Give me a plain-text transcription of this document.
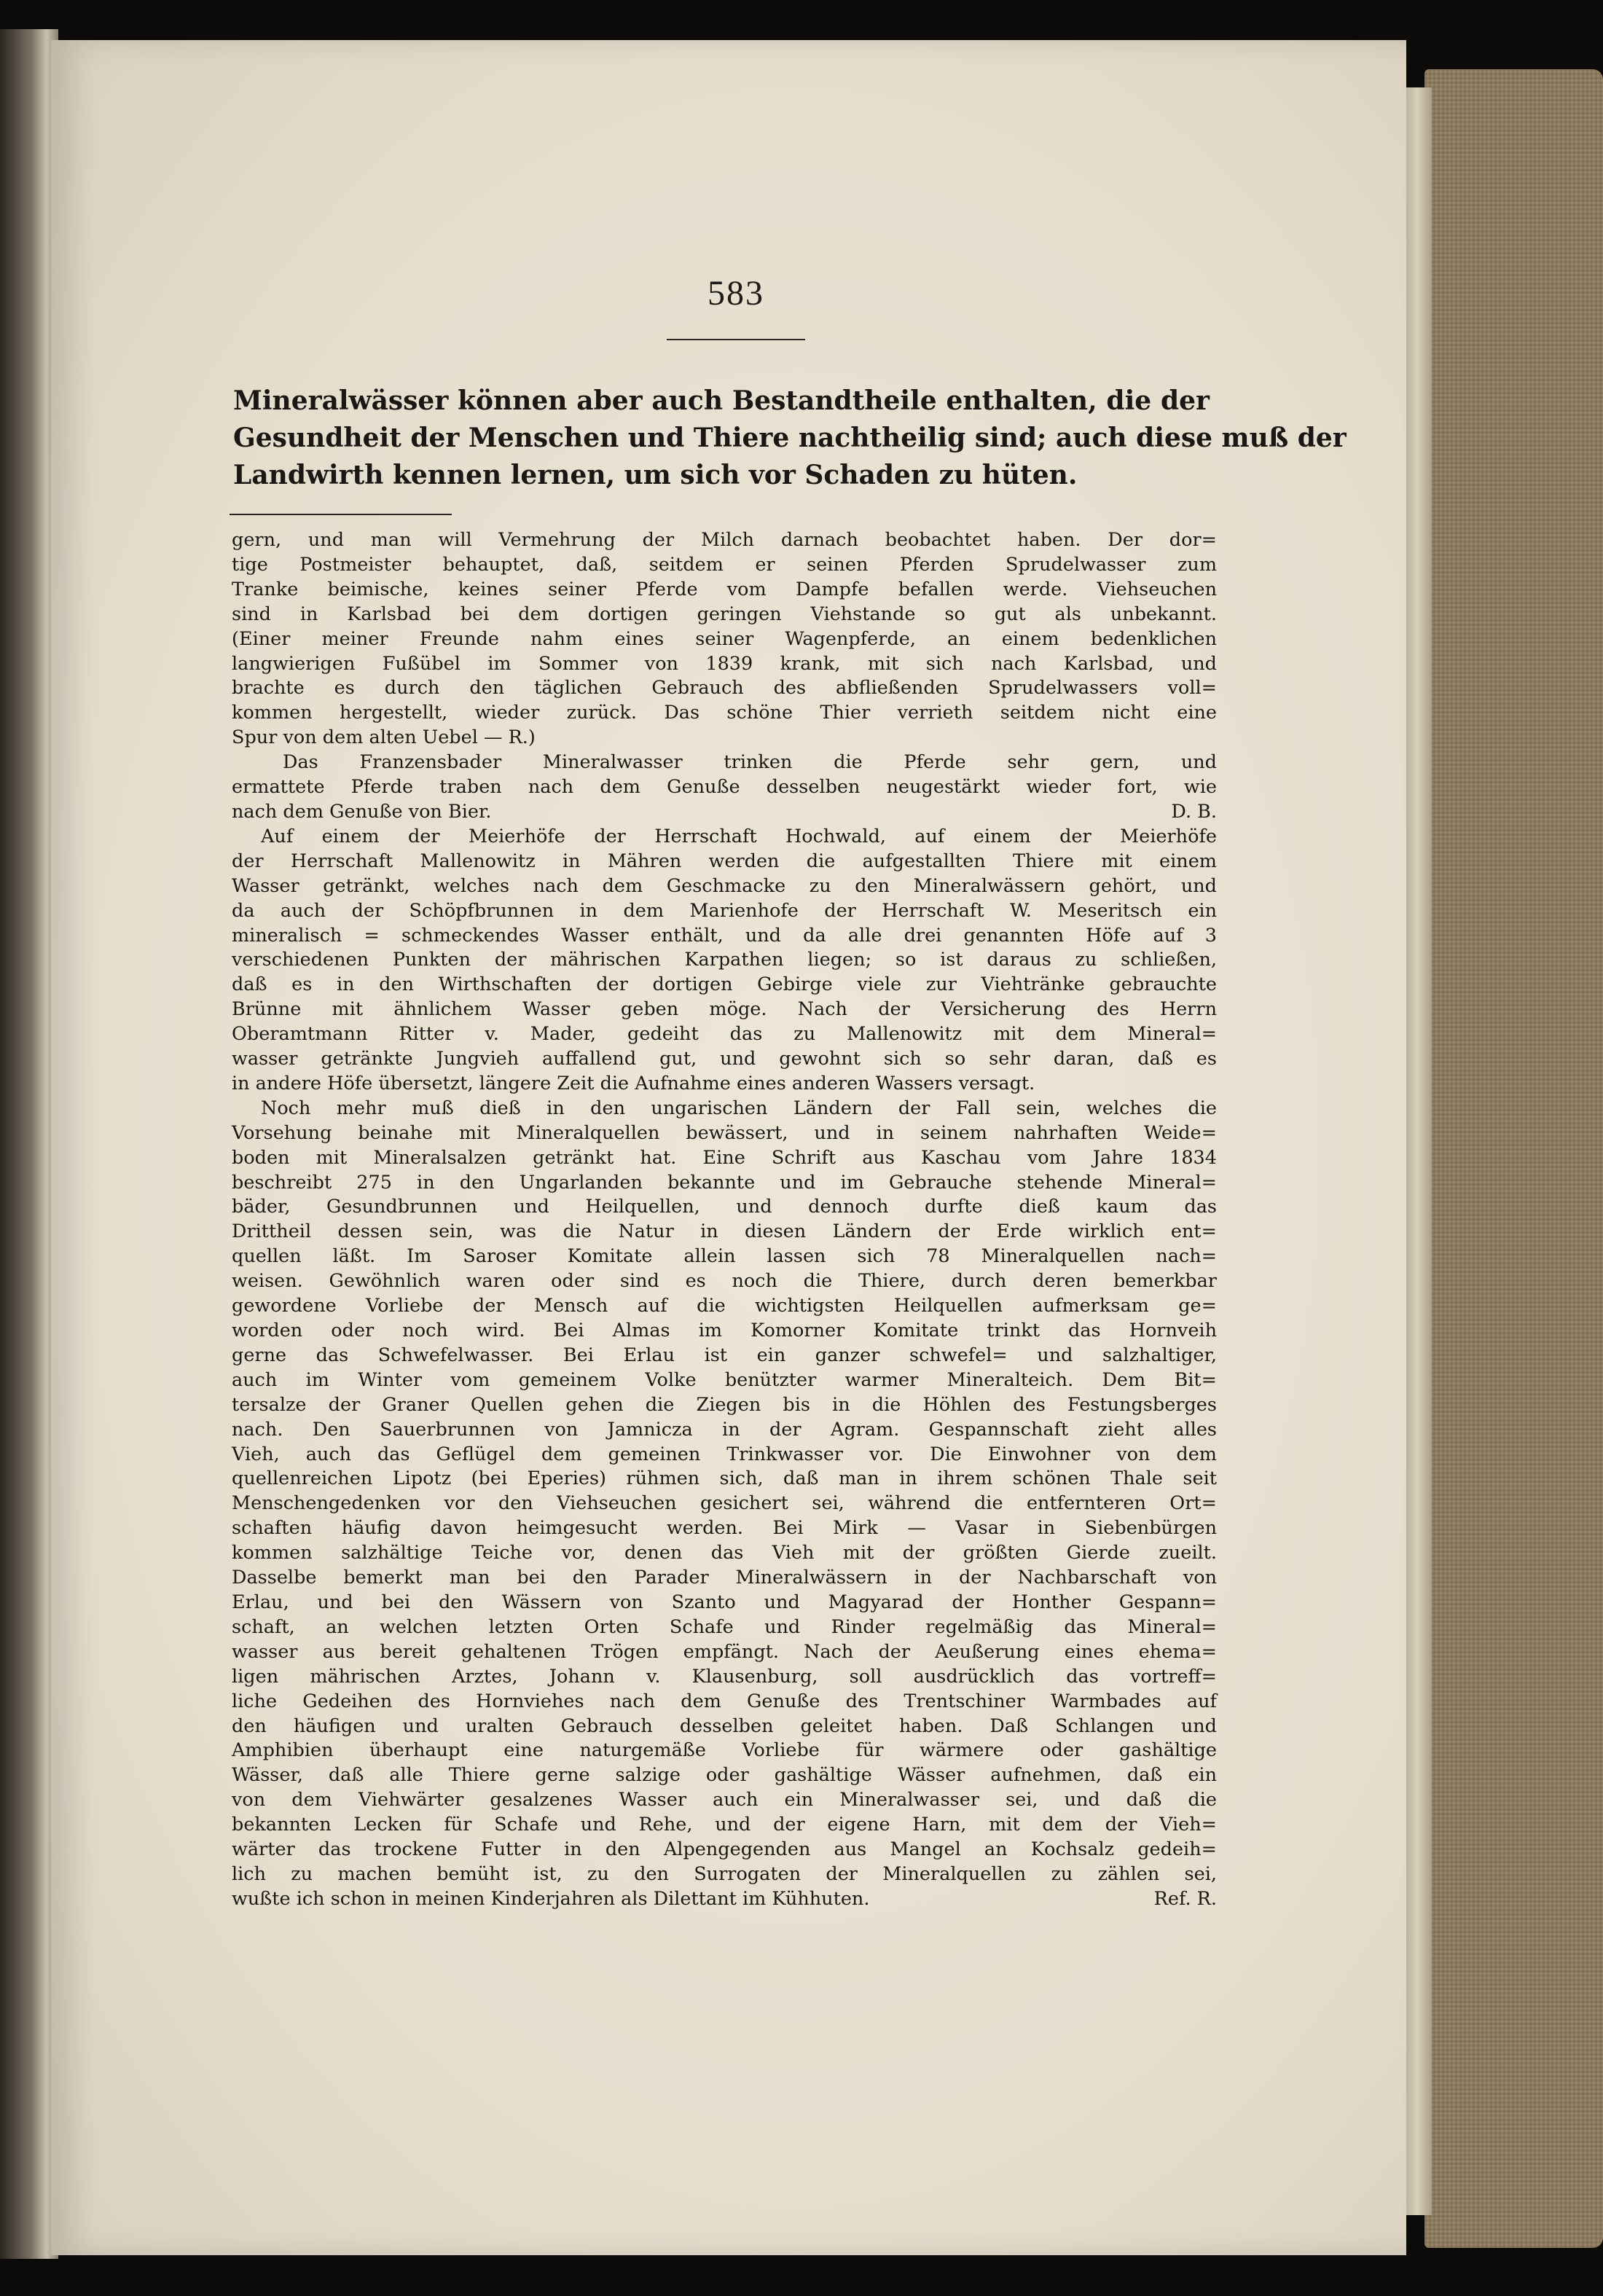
583
Mineralwässer können aber auch Bestandtheile enthalten, die der
Gesundheit der Menschen und Thiere nachtheilig sind; auch diese muß der
Landwirth kennen lernen, um sich vor Schaden zu hüten.

gern, und man will Vermehrung der Milch darnach beobachtet haben. Der dor=
tige Postmeister behauptet, daß, seitdem er seinen Pferden Sprudelwasser zum
Tranke beimische, keines seiner Pferde vom Dampfe befallen werde. Viehseuchen
sind in Karlsbad bei dem dortigen geringen Viehstande so gut als unbekannt.
(Einer meiner Freunde nahm eines seiner Wagenpferde, an einem bedenklichen
langwierigen Fußübel im Sommer von 1839 krank, mit sich nach Karlsbad, und
brachte es durch den täglichen Gebrauch des abfließenden Sprudelwassers voll=
kommen hergestellt, wieder zurück. Das schöne Thier verrieth seitdem nicht eine
Spur von dem alten Uebel — R.)

Das Franzensbader Mineralwasser trinken die Pferde sehr gern, und
ermattete Pferde traben nach dem Genuße desselben neugestärkt wieder fort, wie
nach dem Genuße von Bier.	D. B.

Auf einem der Meierhöfe der Herrschaft Hochwald, auf einem der Meierhöfe
der Herrschaft Mallenowitz in Mähren werden die aufgestallten Thiere mit einem
Wasser getränkt, welches nach dem Geschmacke zu den Mineralwässern gehört, und
da auch der Schöpfbrunnen in dem Marienhofe der Herrschaft W. Meseritsch ein
mineralisch = schmeckendes Wasser enthält, und da alle drei genannten Höfe auf 3
verschiedenen Punkten der mährischen Karpathen liegen; so ist daraus zu schließen,
daß es in den Wirthschaften der dortigen Gebirge viele zur Viehtränke gebrauchte
Brünne mit ähnlichem Wasser geben möge. Nach der Versicherung des Herrn
Oberamtmann Ritter v. Mader, gedeiht das zu Mallenowitz mit dem Mineral=
wasser getränkte Jungvieh auffallend gut, und gewohnt sich so sehr daran, daß es
in andere Höfe übersetzt, längere Zeit die Aufnahme eines anderen Wassers versagt.

Noch mehr muß dieß in den ungarischen Ländern der Fall sein, welches die
Vorsehung beinahe mit Mineralquellen bewässert, und in seinem nahrhaften Weide=
boden mit Mineralsalzen getränkt hat. Eine Schrift aus Kaschau vom Jahre 1834
beschreibt 275 in den Ungarlanden bekannte und im Gebrauche stehende Mineral=
bäder, Gesundbrunnen und Heilquellen, und dennoch durfte dieß kaum das
Drittheil dessen sein, was die Natur in diesen Ländern der Erde wirklich ent=
quellen läßt. Im Saroser Komitate allein lassen sich 78 Mineralquellen nach=
weisen. Gewöhnlich waren oder sind es noch die Thiere, durch deren bemerkbar
gewordene Vorliebe der Mensch auf die wichtigsten Heilquellen aufmerksam ge=
worden oder noch wird. Bei Almas im Komorner Komitate trinkt das Hornveih
gerne das Schwefelwasser. Bei Erlau ist ein ganzer schwefel= und salzhaltiger,
auch im Winter vom gemeinem Volke benützter warmer Mineralteich. Dem Bit=
tersalze der Graner Quellen gehen die Ziegen bis in die Höhlen des Festungsberges
nach. Den Sauerbrunnen von Jamnicza in der Agram. Gespannschaft zieht alles
Vieh, auch das Geflügel dem gemeinen Trinkwasser vor. Die Einwohner von dem
quellenreichen Lipotz (bei Eperies) rühmen sich, daß man in ihrem schönen Thale seit
Menschengedenken vor den Viehseuchen gesichert sei, während die entfernteren Ort=
schaften häufig davon heimgesucht werden. Bei Mirk — Vasar in Siebenbürgen
kommen salzhältige Teiche vor, denen das Vieh mit der größten Gierde zueilt.
Dasselbe bemerkt man bei den Parader Mineralwässern in der Nachbarschaft von
Erlau, und bei den Wässern von Szanto und Magyarad der Honther Gespann=
schaft, an welchen letzten Orten Schafe und Rinder regelmäßig das Mineral=
wasser aus bereit gehaltenen Trögen empfängt. Nach der Aeußerung eines ehema=
ligen mährischen Arztes, Johann v. Klausenburg, soll ausdrücklich das vortreff=
liche Gedeihen des Hornviehes nach dem Genuße des Trentschiner Warmbades auf
den häufigen und uralten Gebrauch desselben geleitet haben. Daß Schlangen und
Amphibien überhaupt eine naturgemäße Vorliebe für wärmere oder gashältige
Wässer, daß alle Thiere gerne salzige oder gashältige Wässer aufnehmen, daß ein
von dem Viehwärter gesalzenes Wasser auch ein Mineralwasser sei, und daß die
bekannten Lecken für Schafe und Rehe, und der eigene Harn, mit dem der Vieh=
wärter das trockene Futter in den Alpengegenden aus Mangel an Kochsalz gedeih=
lich zu machen bemüht ist, zu den Surrogaten der Mineralquellen zu zählen sei,
wußte ich schon in meinen Kinderjahren als Dilettant im Kühhuten.	Ref. R.
